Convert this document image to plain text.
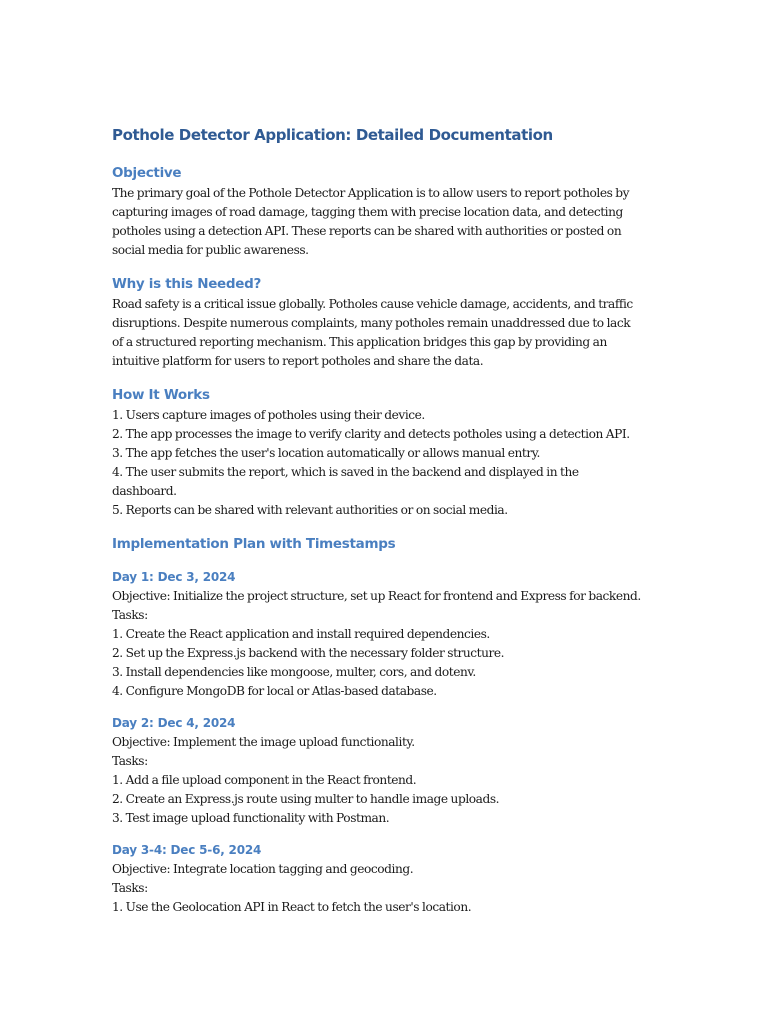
Pothole Detector Application: Detailed Documentation
Objective

The primary goal of the Pothole Detector Application is to allow users to report potholes by

capturing images of road damage, tagging them with precise location data, and detecting

potholes using a detection API. These reports can be shared with authorities or posted on

social media for public awareness.

Why is this Needed?

Road safety is a critical issue globally. Potholes cause vehicle damage, accidents, and traffic

disruptions. Despite numerous complaints, many potholes remain unaddressed due to lack

of a structured reporting mechanism. This application bridges this gap by providing an

intuitive platform for users to report potholes and share the data.

How It Works

1. Users capture images of potholes using their device.

2. The app processes the image to verify clarity and detects potholes using a detection API.

3. The app fetches the user's location automatically or allows manual entry.

4. The user submits the report, which is saved in the backend and displayed in the

dashboard.

5. Reports can be shared with relevant authorities or on social media.

Implementation Plan with Timestamps
Day 1: Dec 3, 2024

Objective: Initialize the project structure, set up React for frontend and Express for backend.

Tasks:

1. Create the React application and install required dependencies.

2. Set up the Express.js backend with the necessary folder structure.

3. Install dependencies like mongoose, multer, cors, and dotenv.

4. Configure MongoDB for local or Atlas-based database.

Day 2: Dec 4, 2024

Objective: Implement the image upload functionality.

Tasks:

1. Add a file upload component in the React frontend.

2. Create an Express.js route using multer to handle image uploads.

3. Test image upload functionality with Postman.

Day 3-4: Dec 5-6, 2024

Objective: Integrate location tagging and geocoding.

Tasks:

1. Use the Geolocation API in React to fetch the user's location.
